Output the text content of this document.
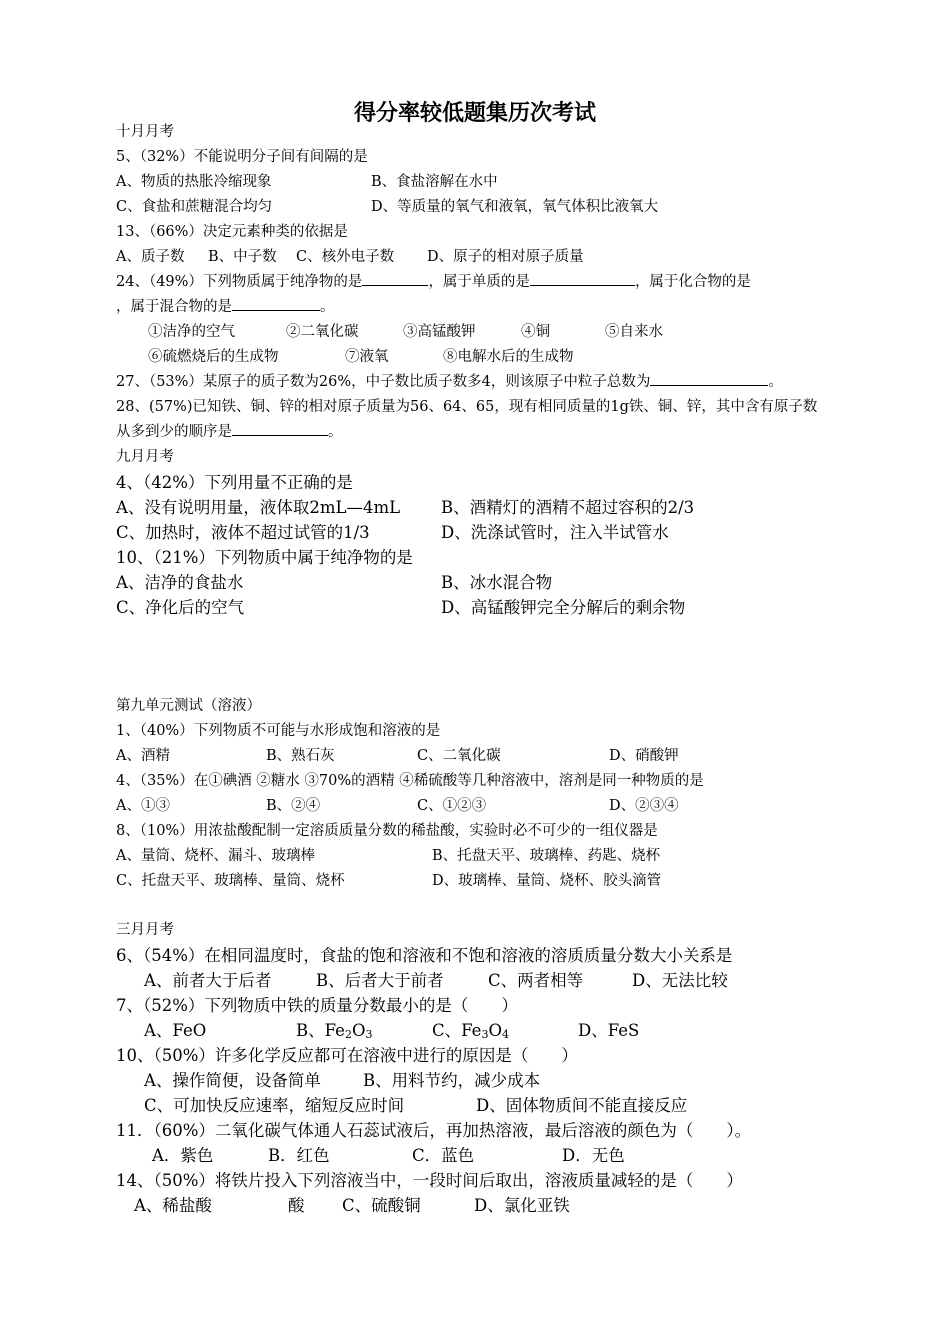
得分率较低题集历次考试
十月月考
5、（32%）不能说明分子间有间隔的是
A、物质的热胀冷缩现象	B、食盐溶解在水中
C、食盐和蔗糖混合均匀	D、等质量的氧气和液氧，氧气体积比液氧大
13、（66%）决定元素种类的依据是
A、质子数 B、中子数 C、核外电子数 D、原子的相对原子质量
24、（49%）下列物质属于纯净物的是	，属于单质的是	，属于化合物的是
，属于混合物的是	。
①洁净的空气	②二氧化碳	③高锰酸钾	④铜	⑤自来水
⑥硫燃烧后的生成物	⑦液氧	⑧电解水后的生成物
27、（53%）某原子的质子数为26%，中子数比质子数多4，则该原子中粒子总数为	。
28、(57%)已知铁、铜、锌的相对原子质量为56、64、65，现有相同质量的1g铁、铜、锌，其中含有原子数
从多到少的顺序是	。
九月月考
4、（42%）下列用量不正确的是
A、没有说明用量，液体取2mL—4mL B、酒精灯的酒精不超过容积的2/3
C、加热时，液体不超过试管的1/3	D、洗涤试管时，注入半试管水
10、（21%）下列物质中属于纯净物的是
A、洁净的食盐水	B、冰水混合物
C、净化后的空气	D、高锰酸钾完全分解后的剩余物
第九单元测试（溶液）
1、（40%）下列物质不可能与水形成饱和溶液的是
A、酒精	B、熟石灰	C、二氧化碳	D、硝酸钾
4、（35%）在①碘酒 ②糖水 ③70%的酒精 ④稀硫酸等几种溶液中，溶剂是同一种物质的是
A、①③	B、②④	C、①②③	D、②③④
8、（10%）用浓盐酸配制一定溶质质量分数的稀盐酸，实验时必不可少的一组仪器是
A、量筒、烧杯、漏斗、玻璃棒	B、托盘天平、玻璃棒、药匙、烧杯
C、托盘天平、玻璃棒、量筒、烧杯	D、玻璃棒、量筒、烧杯、胶头滴管
三月月考
6、（54%）在相同温度时，食盐的饱和溶液和不饱和溶液的溶质质量分数大小关系是
A、前者大于后者	B、后者大于前者	C、两者相等	D、无法比较
7、（52%）下列物质中铁的质量分数最小的是（　　）
A、FeO	B、Fe2O3	C、Fe3O4	D、FeS
10、（50%）许多化学反应都可在溶液中进行的原因是（　　）
A、操作简便，设备简单	B、用料节约，减少成本
C、可加快反应速率，缩短反应时间	D、固体物质间不能直接反应
11．（60%）二氧化碳气体通人石蕊试液后，再加热溶液，最后溶液的颜色为（　　）。
A．紫色	B．红色	C．蓝色	D．无色
14、（50%）将铁片投入下列溶液当中，一段时间后取出，溶液质量减轻的是（　　）
A、稀盐酸	酸 C、硫酸铜	D、氯化亚铁
